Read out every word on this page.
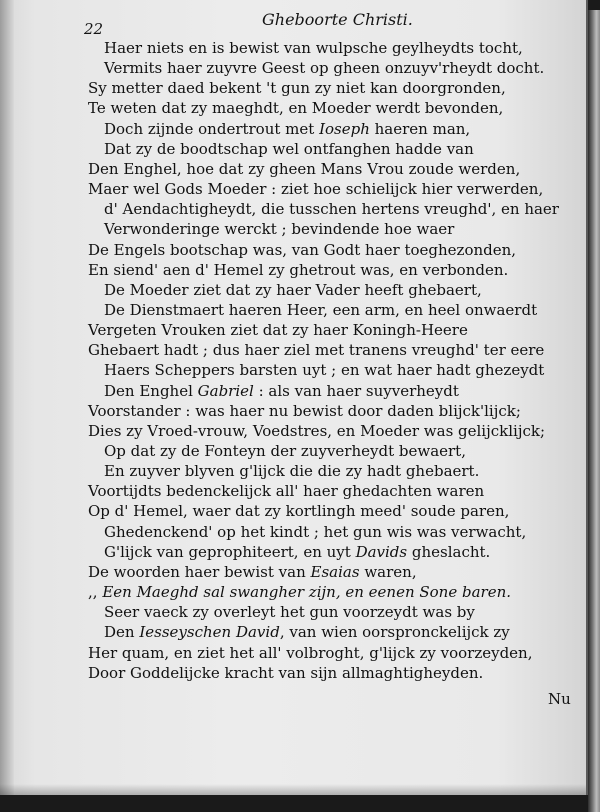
22	Gheboorte Christi.
Haer niets en is bewist van wulpsche geylheydts tocht,
Vermits haer zuyvre Geest op gheen onzuyv'rheydt docht.
Sy metter daed bekent 't gun zy niet kan doorgronden,
Te weten dat zy maeghdt, en Moeder werdt bevonden,
Doch zijnde ondertrout met Ioseph haeren man,
Dat zy de boodtschap wel ontfanghen hadde van
Den Enghel, hoe dat zy gheen Mans Vrou zoude werden,
Maer wel Gods Moeder : ziet hoe schielijck hier verwerden,
d' Aendachtigheydt, die tusschen hertens vreughd', en haer
Verwonderinge werckt ; bevindende hoe waer
De Engels bootschap was, van Godt haer toeghezonden,
En siend' aen d' Hemel zy ghetrout was, en verbonden.
De Moeder ziet dat zy haer Vader heeft ghebaert,
De Dienstmaert haeren Heer, een arm, en heel onwaerdt
Vergeten Vrouken ziet dat zy haer Koningh-Heere
Ghebaert hadt ; dus haer ziel met tranens vreughd' ter eere
Haers Scheppers barsten uyt ; en wat haer hadt ghezeydt
Den Enghel Gabriel : als van haer suyverheydt
Voorstander : was haer nu bewist door daden blijck'lijck;
Dies zy Vroed-vrouw, Voedstres, en Moeder was gelijcklijck;
Op dat zy de Fonteyn der zuyverheydt bewaert,
En zuyver blyven g'lijck die die zy hadt ghebaert.
Voortijdts bedenckelijck all' haer ghedachten waren
Op d' Hemel, waer dat zy kortlingh meed' soude paren,
Ghedenckend' op het kindt ; het gun wis was verwacht,
G'lijck van geprophiteert, en uyt Davids gheslacht.
De woorden haer bewist van Esaias waren,
,, Een Maeghd sal swangher zijn, en eenen Sone baren.
Seer vaeck zy overleyt het gun voorzeydt was by
Den Iesseyschen David, van wien oorspronckelijck zy
Her quam, en ziet het all' volbroght, g'lijck zy voorzeyden,
Door Goddelijcke kracht van sijn allmaghtigheyden.
Nu
